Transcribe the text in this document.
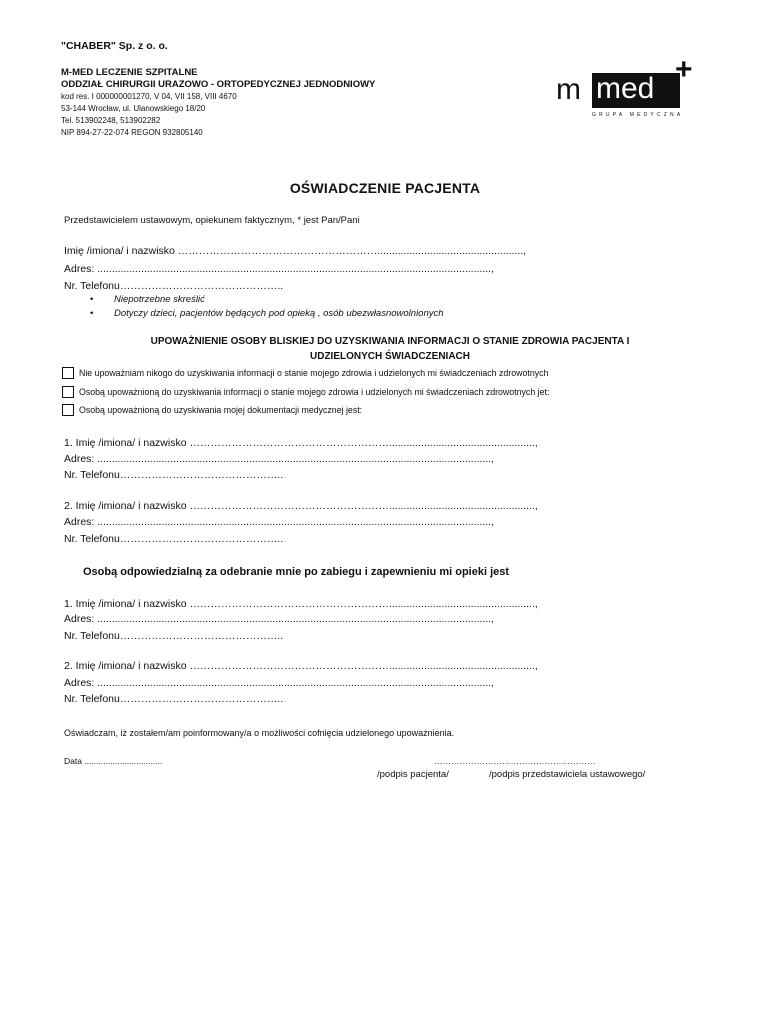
"CHABER" Sp. z o. o.
M-MED LECZENIE SZPITALNE
ODDZIAŁ CHIRURGII URAZOWO - ORTOPEDYCZNEJ JEDNODNIOWY
kod res. I 000000001270, V 04, VII 158, VIII 4670
53-144 Wrocław, ul. Ulanowskiego 18/20
Tel. 513902248, 513902282
NIP 894-27-22-074 REGON 932805140
m med
+
GRUPA MEDYCZNA
OŚWIADCZENIE PACJENTA
Przedstawicielem ustawowym, opiekunem faktycznym, * jest Pan/Pani
Imię /imiona/ i nazwisko …………………………………………………..................................................,
Adres: .......................................................................................................................................,
Nr. Telefonu………………………………………..
• Niepotrzebne skreślić
• Dotyczy dzieci, pacjentów będących pod opieką , osób ubezwłasnowolnionych
UPOWAŻNIENIE OSOBY BLISKIEJ DO UZYSKIWANIA INFORMACJI O STANIE ZDROWIA PACJENTA I
UDZIELONYCH ŚWIADCZENIACH
Nie upoważniam nikogo do uzyskiwania informacji o stanie mojego zdrowia i udzielonych mi świadczeniach zdrowotnych
Osobą upoważnioną do uzyskiwania informacji o stanie mojego zdrowia i udzielonych mi świadczeniach zdrowotnych jet:
Osobą upoważnioną do uzyskiwania mojej dokumentacji medycznej jest:
1. Imię /imiona/ i nazwisko …………………………………………………..................................................,
Adres: .......................................................................................................................................,
Nr. Telefonu………………………………………..
2. Imię /imiona/ i nazwisko …………………………………………………..................................................,
Adres: .......................................................................................................................................,
Nr. Telefonu………………………………………..
Osobą odpowiedzialną za odebranie mnie po zabiegu i zapewnieniu mi opieki jest
1. Imię /imiona/ i nazwisko …………………………………………………..................................................,
Adres: .......................................................................................................................................,
Nr. Telefonu………………………………………..
2. Imię /imiona/ i nazwisko …………………………………………………..................................................,
Adres: .......................................................................................................................................,
Nr. Telefonu………………………………………..
Oświadczam, iż zostałem/am poinformowany/a o możliwości cofnięcia udzielonego upoważnienia.
Data .................................	…………………………………………………
/podpis pacjenta/	/podpis przedstawiciela ustawowego/
